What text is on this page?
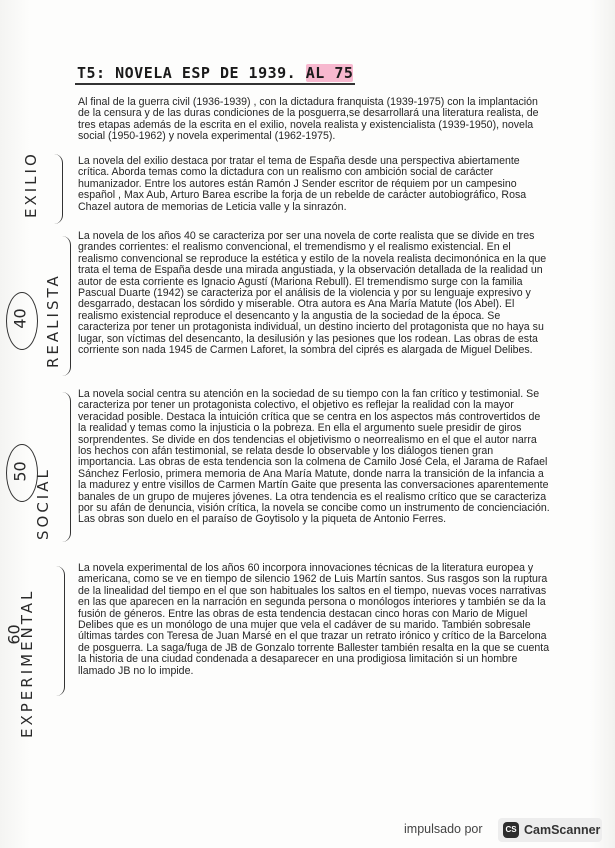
T5: NOVELA ESP DE 1939. AL 75
Al final de la guerra civil (1936-1939) , con la dictadura franquista (1939-1975) con la implantación de la censura y de las duras condiciones de la posguerra,se desarrollará una literatura realista, de tres etapas además de la escrita en el exilio, novela realista y existencialista (1939-1950), novela social (1950-1962) y novela experimental (1962-1975).
La novela del exilio destaca por tratar el tema de España desde una perspectiva abiertamente crítica. Aborda temas como la dictadura con un realismo con ambición social de carácter humanizador. Entre los autores están Ramón J Sender escritor de réquiem por un campesino español , Max Aub, Arturo Barea escribe la forja de un rebelde de carácter autobiográfico, Rosa Chazel autora de memorias de Leticia valle y la sinrazón.
La novela de los años 40 se caracteriza por ser una novela de corte realista que se divide en tres grandes corrientes: el realismo convencional, el tremendismo y el realismo existencial. En el realismo convencional se reproduce la estética y estilo de la novela realista decimonónica en la que trata el tema de España desde una mirada angustiada, y la observación detallada de la realidad un autor de esta corriente es Ignacio Agustí (Mariona Rebull). El tremendismo surge con la familia Pascual Duarte (1942) se caracteriza por el análisis de la violencia y por su lenguaje expresivo y desgarrado, destacan los sórdido y miserable. Otra autora es Ana María Matute (los Abel). El realismo existencial reproduce el desencanto y la angustia de la sociedad de la época. Se caracteriza por tener un protagonista individual, un destino incierto del protagonista que no haya su lugar, son víctimas del desencanto, la desilusión y las pesiones que los rodean. Las obras de esta corriente son nada 1945 de Carmen Laforet, la sombra del ciprés es alargada de Miguel Delibes.
La novela social centra su atención en la sociedad de su tiempo con la fan crítico y testimonial. Se caracteriza por tener un protagonista colectivo, el objetivo es reflejar la realidad con la mayor veracidad posible. Destaca la intuición crítica que se centra en los aspectos más controvertidos de la realidad y temas como la injusticia o la pobreza. En ella el argumento suele presidir de giros sorprendentes. Se divide en dos tendencias el objetivismo o neorrealismo en el que el autor narra los hechos con afán testimonial, se relata desde lo observable y los diálogos tienen gran importancia. Las obras de esta tendencia son la colmena de Camilo José Cela, el Jarama de Rafael Sánchez Ferlosio, primera memoria de Ana María Matute, donde narra la transición de la infancia a la madurez y entre visillos de Carmen Martín Gaite que presenta las conversaciones aparentemente banales de un grupo de mujeres jóvenes. La otra tendencia es el realismo crítico que se caracteriza por su afán de denuncia, visión crítica, la novela se concibe como un instrumento de concienciación. Las obras son duelo en el paraíso de Goytisolo y la piqueta de Antonio Ferres.
La novela experimental de los años 60 incorpora innovaciones técnicas de la literatura europea y americana, como se ve en tiempo de silencio 1962 de Luis Martín santos. Sus rasgos son la ruptura de la linealidad del tiempo en el que son habituales los saltos en el tiempo, nuevas voces narrativas en las que aparecen en la narración en segunda persona o monólogos interiores y también se da la fusión de géneros. Entre las obras de esta tendencia destacan cinco horas con Mario de Miguel Delibes que es un monólogo de una mujer que vela el cadáver de su marido. También sobresale últimas tardes con Teresa de Juan Marsé en el que trazar un retrato irónico y crítico de la Barcelona de posguerra. La saga/fuga de JB de Gonzalo torrente Ballester también resalta en la que se cuenta la historia de una ciudad condenada a desaparecer en una prodigiosa limitación si un hombre llamado JB no lo impide.
EXILIO
40 REALISTA
50 SOCIAL
60
EXPERIMENTAL
impulsado por	CS CamScanner
